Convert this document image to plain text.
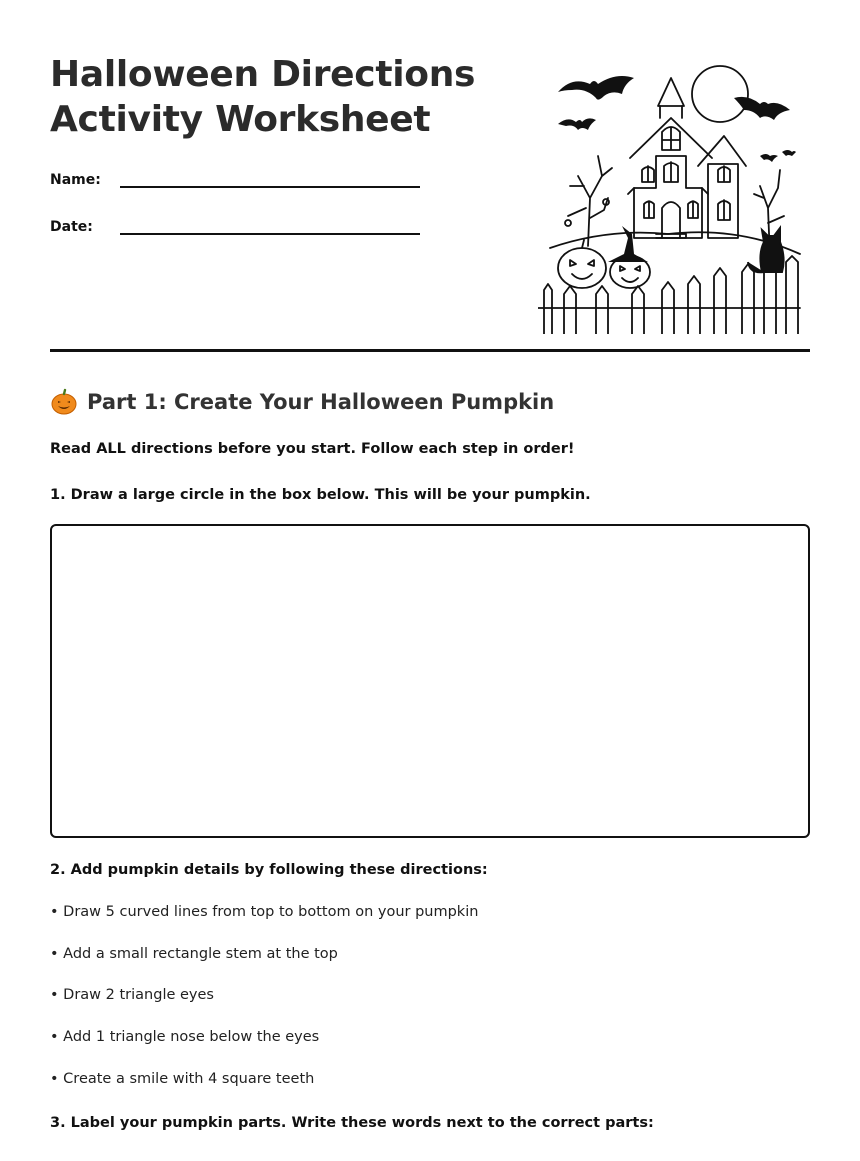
Halloween Directions
Activity Worksheet
Name:
Date:
Part 1: Create Your Halloween Pumpkin

Read ALL directions before you start. Follow each step in order!

1. Draw a large circle in the box below. This will be your pumpkin.

2. Add pumpkin details by following these directions:

• Draw 5 curved lines from top to bottom on your pumpkin
• Add a small rectangle stem at the top
• Draw 2 triangle eyes
• Add 1 triangle nose below the eyes
• Create a smile with 4 square teeth

3. Label your pumpkin parts. Write these words next to the correct parts:
